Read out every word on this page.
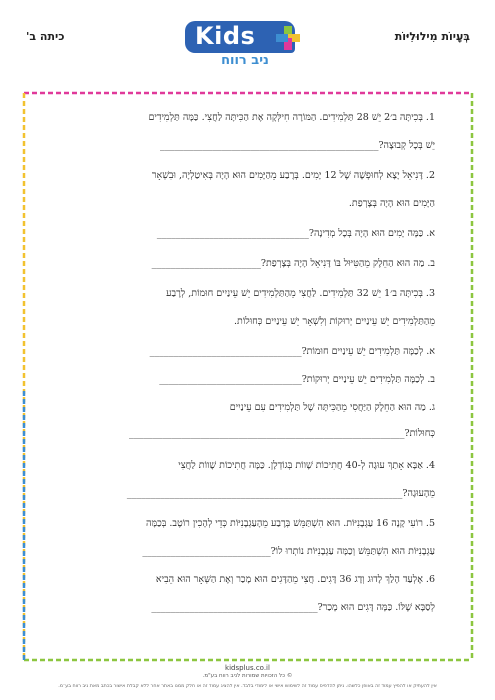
בְּעָיוֹת מִילוּלִיּוֹת
כיתה ב'	Kids
ניב רווח
1. בְּכִיתָּה ב׳2 יֵשׁ 28 תַּלְמִידִים. הַמּוֹרָה חִילְּקָה אֶת הַכִּיתָּה לַחֲצִי. כַּמָּה תַּלְמִידִים
יֵשׁ בְּכָל קְבוּצָה?______________________________________________
2. דָּנִיאֵל יָצָא לְחוּפְשָׁה שֶׁל 12 יָמִים. בְּרֶבַע מֵהַיָּמִים הוּא הָיָה בְּאִיטַלְיָה, וּבִשְׁאָר
הַיָּמִים הוּא הָיָה בְּצָרְפַת.
א. כַּמָּה יָמִים הוּא הָיָה בְּכָל מְדִינָה?________________________________
ב. מַה הוּא הַחֵלֶק מֵהַטִּיּוּל בּוֹ דָּנִיאֵל הָיָה בְּצָרְפַת?_______________________
3. בְּכִיתָּה ב׳1 יֵשׁ 32 תַּלְמִידִים. לַחֲצִי מֵהַתַּלְמִידִים יֵשׁ עֵינַיִים חוּמוֹת, לְרֶבַע
מֵהַתַּלְמִידִים יֵשׁ עֵינַיִים יְרוּקוֹת וְלִשְׁאָר יֵשׁ עֵינַיִים כְּחוּלוֹת.
א. לְכַמָּה תַּלְמִידִים יֵשׁ עֵינַיִים חוּמוֹת?________________________________
ב. לְכַמָּה תַּלְמִידִים יֵשׁ עֵינַיִים יְרוּקוֹת?______________________________
ג. מַה הוּא הַחֵלֶק הַיַּחֲסִי מֵהַכִּיתָּה שֶׁל תַּלְמִידִים עִם עֵינַיִים
כְּחוּלוֹת?__________________________________________________________
4. אַבָּא אָתַךְ עוּגָה לְ-40 חֲתִיכוֹת שָׁווֹת בְּגוֹדְלָן. כַּמָּה חֲתִיכוֹת שָׁווֹת לַחֲצִי
מֵהָעוּגָה?__________________________________________________________
5. רוֹעִי קָנָה 16 עַגְבָנִיּוֹת. הוּא הִשְׁתַּמֵּשׁ בְּרֶבַע מֵהָעַגְבָנִיּוֹת כְּדֵי לְהָכִין רוֹטֶב. בְּכַמָּה
עַגְבָנִיּוֹת הוּא הִשְׁתַּמֵּשׁ וְכַמָּה עַגְבָנִיּוֹת נוֹתְרוּ לוֹ?___________________________
6. אֶלְעַד הָלַךְ לָדוּג וְדָג 36 דָּגִים. חֲצִי מֵהַדָּגִים הוּא מָכַר וְאֶת הַשְּׁאָר הוּא הֵבִיא
לְסַבָּא שֶׁלּוֹ. כַּמָּה דָּגִים הוּא מָכַר?___________________________________
kidsplus.co.il
© כל הזכויות שמורות לניב רווח בע"מ.
אין להעתיק או להפיץ עמוד זה באופן כלשהו. ניתן להדפיס עמוד זה לשימוש אישי או לימודי בלבד. אין להציג עמוד זה או חלק ממנו באתר אחר ללא קבלת אישור בכתב מאת ניב רווח בע"מ.
